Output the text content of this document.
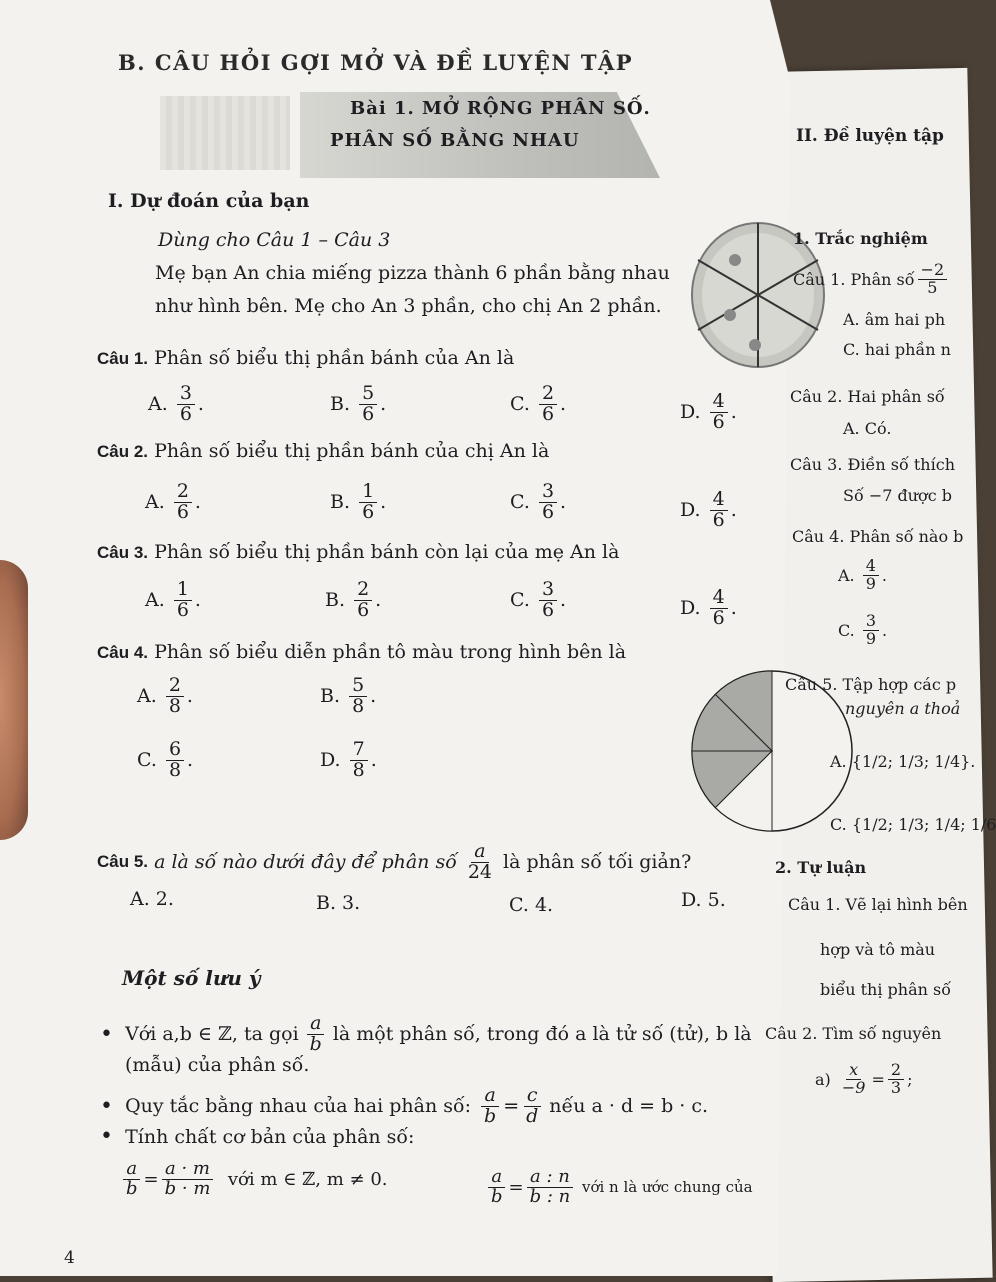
B. CÂU HỎI GỢI MỞ VÀ ĐỀ LUYỆN TẬP
Bài 1. MỞ RỘNG PHÂN SỐ.
PHÂN SỐ BẰNG NHAU
I. Dự đoán của bạn
Dùng cho Câu 1 – Câu 3
Mẹ bạn An chia miếng pizza thành 6 phần bằng nhau
như hình bên. Mẹ cho An 3 phần, cho chị An 2 phần.
Câu 1. Phân số biểu thị phần bánh của An là
A.
$\frac{3}{6}$ .	B.
$\frac{5}{6}$ .	C.
$\frac{2}{6}$ .	D.
$\frac{4}{6}$ .
Câu 2. Phân số biểu thị phần bánh của chị An là
A.
$\frac{2}{6}$ .	B.
$\frac{1}{6}$ .	C.
$\frac{3}{6}$ .	D.
$\frac{4}{6}$ .
Câu 3. Phân số biểu thị phần bánh còn lại của mẹ An là
A.
$\frac{1}{6}$ .	B.
$\frac{2}{6}$ .	C.
$\frac{3}{6}$ .	D.
$\frac{4}{6}$ .
Câu 4. Phân số biểu diễn phần tô màu trong hình bên là
A.
$\frac{2}{8}$ .	B.
$\frac{5}{8}$ .
C.
$\frac{6}{8}$ .	D.
$\frac{7}{8}$ .
Câu 5.
a là số nào dưới đây để phân số $\frac{a}{24}$ là phân số tối giản?
A. 2.	B. 3.	C. 4.	D. 5.
Một số lưu ý
•
Với a,b ∈ ℤ, ta gọi $\frac{a}{b}$ là một phân số, trong đó a là tử số (tử), b là
(mẫu) của phân số.
•
Quy tắc bằng nhau của hai phân số: $\frac{a}{b} = \frac{c}{d}$ nếu a · d = b · c.
• Tính chất cơ bản của phân số:
$\frac{a}{b} = \frac{a \cdot m}{b \cdot m}$
với m ∈ ℤ, m ≠ 0.	$\frac{a}{b} = \frac{a : n}{b : n}$
với n là ước chung của
4
II. Đề luyện tập
1. Trắc nghiệm
Câu 1. Phân số $\frac{-2}{5}$
A. âm hai ph
C. hai phần n
Câu 2. Hai phân số
A. Có.
Câu 3. Điền số thích
Số −7 được b
Câu 4. Phân số nào b
A.
$\frac{4}{9}$ .
C.
$\frac{3}{9}$ .
Câu 5. Tập hợp các p
nguyên a thoả
A. {1/2; 1/3; 1/4}.
C. {1/2; 1/3; 1/4; 1/6
2. Tự luận
Câu 1. Vẽ lại hình bên
hợp và tô màu
biểu thị phân số
Câu 2. Tìm số nguyên
a)
$\frac{x}{-9} = \frac{2}{3}$ ;
